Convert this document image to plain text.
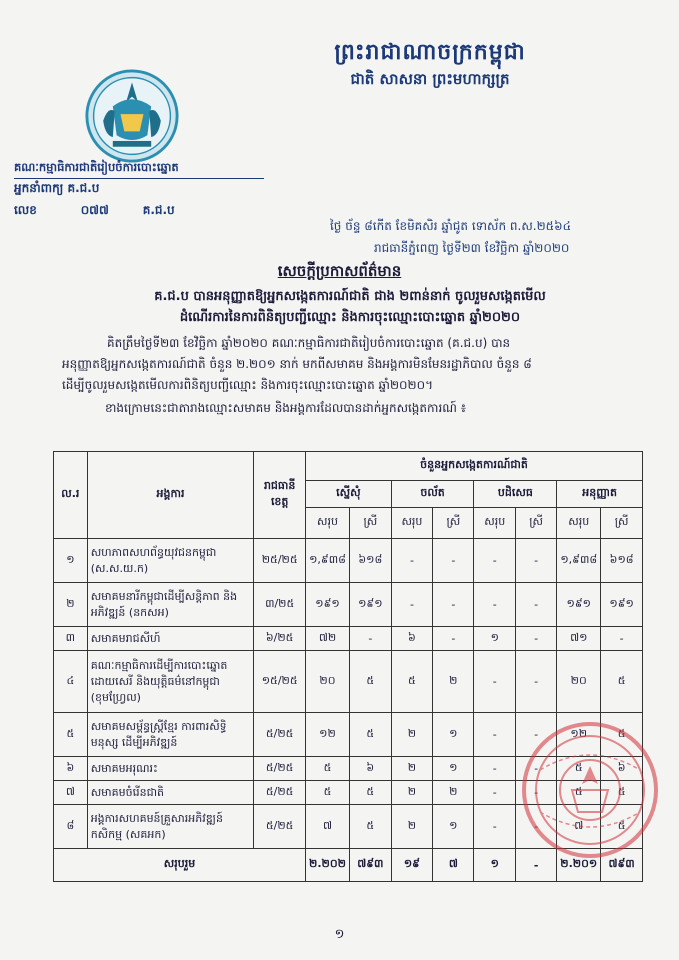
ព្រះរាជាណាចក្រកម្ពុជា
ជាតិ សាសនា ព្រះមហាក្សត្រ
គណៈកម្មាធិការជាតិរៀបចំការបោះឆ្នោត
អ្នកនាំពាក្យ គ.ជ.ប
លេខ	០៧៧	គ.ជ.ប
ថ្ងៃ ច័ន្ទ ៨កើត ខែមិគសិរ ឆ្នាំជូត ទោស័ក ព.ស.២៥៦៤
រាជធានីភ្នំពេញ ថ្ងៃទី២៣ ខែវិច្ឆិកា ឆ្នាំ២០២០
សេចក្តីប្រកាសព័ត៌មាន
គ.ជ.ប បានអនុញ្ញាតឱ្យអ្នកសង្កេតការណ៍ជាតិ ជាង ២ពាន់នាក់ ចូលរួមសង្កេតមើល
ដំណើរការនៃការពិនិត្យបញ្ជីឈ្មោះ និងការចុះឈ្មោះបោះឆ្នោត ឆ្នាំ២០២០

គិតត្រឹមថ្ងៃទី២៣ ខែវិច្ឆិកា ឆ្នាំ២០២០ គណៈកម្មាធិការជាតិរៀបចំការបោះឆ្នោត (គ.ជ.ប) បាន

អនុញ្ញាតឱ្យអ្នកសង្កេតការណ៍ជាតិ ចំនួន ២.២០១ នាក់ មកពីសមាគម និងអង្គការមិនមែនរដ្ឋាភិបាល ចំនួន ៨

ដើម្បីចូលរួមសង្កេតមើលការពិនិត្យបញ្ជីឈ្មោះ និងការចុះឈ្មោះបោះឆ្នោត ឆ្នាំ២០២០។

ខាងក្រោមនេះជាតារាងឈ្មោះសមាគម និងអង្គការដែលបានដាក់អ្នកសង្កេតការណ៍ ៖
ល.រ	អង្គការ	រាជធានី ខេត្ត	ចំនួនអ្នកសង្កេតការណ៍ជាតិ							
			ស្នើសុំ		ចល័ត		បដិសេធ		អនុញ្ញាត	
			សរុប	ស្រី	សរុប	ស្រី	សរុប	ស្រី	សរុប	ស្រី
១	សហភាពសហព័ន្ធយុវជនកម្ពុជា (ស.ស.យ.ក)	២៥/២៥	១,៩៣៨	៦១៨	-	-	-	-	១,៩៣៨	៦១៨
២	សមាគមនារីកម្ពុជាដើម្បីសន្តិភាព និងអភិវឌ្ឍន៍ (នកសអ)	៣/២៥	១៩១	១៩១	-	-	-	-	១៩១	១៩១
៣	សមាគមរាជសីហ៍	៦/២៥	៧២	-	៦	-	១	-	៧១	-
៤	គណៈកម្មាធិការដើម្បីការបោះឆ្នោតដោយសេរី និងយុត្តិធម៌នៅកម្ពុជា (ខុមហ្វ្រែល)	១៥/២៥	២០	៥	៥	២	-	-	២០	៥
៥	សមាគមសម្ព័ន្ធស្ត្រីខ្មែរ ការពារសិទ្ធិមនុស្ស ដើម្បីអភិវឌ្ឍន៍	៥/២៥	១២	៥	២	១	-	-	១២	៥
៦	សមាគមអរុណរះ	៥/២៥	៥	៦	២	១	-	-	៥	៦
៧	សមាគមចំរើនជាតិ	៥/២៥	៥	៥	២	២	-	-	៥	៥
៨	អង្គការសហគមន៍គ្រួសារអភិវឌ្ឍន៍កសិកម្ម (សគអក)	៥/២៥	៧	៥	២	១	-	-	៧	៥
សរុបរួម			២.២០២	៧៩៣	១៩	៧	១	-	២.២០១	៧៩៣
១
